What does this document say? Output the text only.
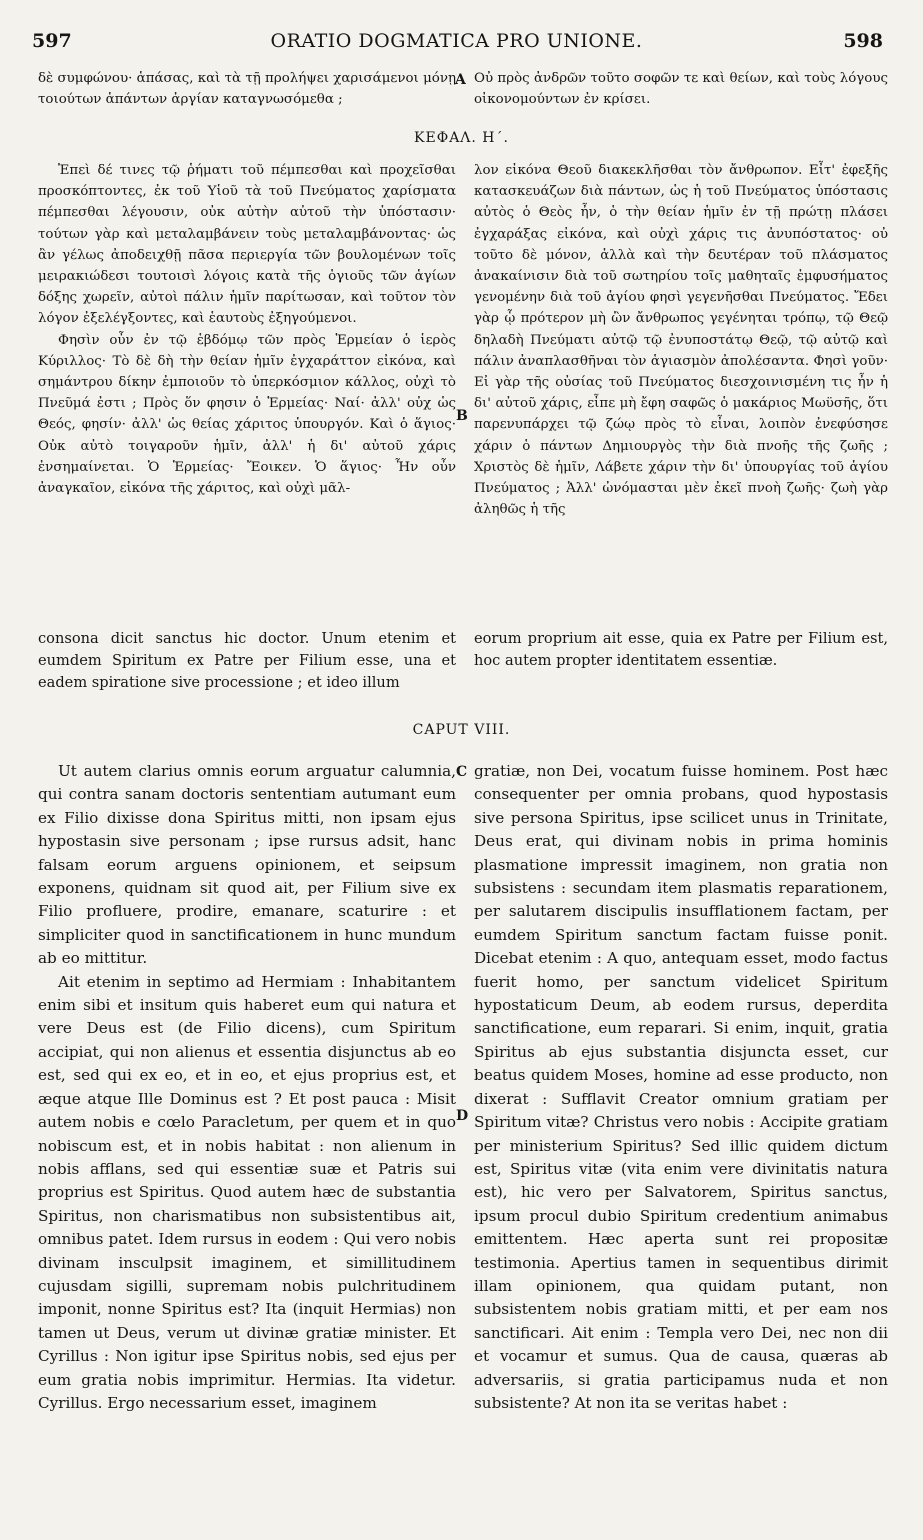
597	ORATIO DOGMATICA PRO UNIONE.	598

δὲ συμφώνου· ἁπάσας, καὶ τὰ τῇ προλήψει χαρισάμενοι μόνῃ τοιούτων ἁπάντων ἀργίαν καταγνωσόμεθα ;

A Οὐ πρὸς ἀνδρῶν τοῦτο σοφῶν τε καὶ θείων, καὶ τοὺς λόγους οἰκονομούντων ἐν κρίσει.

ΚΕΦΑΛ. Η΄.

Ἐπεὶ δέ τινες τῷ ῥήματι τοῦ πέμπεσθαι καὶ προχεῖσθαι προσκόπτοντες, ἐκ τοῦ Υἱοῦ τὰ τοῦ Πνεύματος χαρίσματα πέμπεσθαι λέγουσιν, οὐκ αὐτὴν αὐτοῦ τὴν ὑπόστασιν· τούτων γὰρ καὶ μεταλαμβάνειν τοὺς μεταλαμβάνοντας· ὡς ἂν γέλως ἀποδειχθῇ πᾶσα περιεργία τῶν βουλομένων τοῖς μειρακιώδεσι τουτοισὶ λόγοις κατὰ τῆς ὁγιοῦς τῶν ἁγίων δόξης χωρεῖν, αὐτοὶ πάλιν ἡμῖν παρίτωσαν, καὶ τοῦτον τὸν λόγον ἐξελέγξοντες, καὶ ἑαυτοὺς ἐξηγούμενοι.

Φησὶν οὖν ἐν τῷ ἑβδόμῳ τῶν πρὸς Ἑρμείαν ὁ ἱερὸς Κύριλλος· Τὸ δὲ δὴ τὴν θείαν ἡμῖν ἐγχαράττον εἰκόνα, καὶ σημάντρου δίκην ἐμποιοῦν τὸ ὑπερκόσμιον κάλλος, οὐχὶ τὸ Πνεῦμά ἐστι ; Πρὸς ὅν φησιν ὁ Ἑρμείας· Ναί· ἀλλ' οὐχ ὡς Θεός, φησίν· ἀλλ' ὡς θείας χάριτος ὑπουργόν. Καὶ ὁ ἅγιος· Οὐκ αὐτὸ τοιγαροῦν ἡμῖν, ἀλλ' ἡ δι' αὐτοῦ χάρις ἐνσημαίνεται. Ὁ Ἑρμείας· Ἔοικεν. Ὁ ἅγιος· Ἦν οὖν ἀναγκαῖον, εἰκόνα τῆς χάριτος, καὶ οὐχὶ μᾶλ-

B

λον εἰκόνα Θεοῦ διακεκλῆσθαι τὸν ἄνθρωπον. Εἶτ' ἐφεξῆς κατασκευάζων διὰ πάντων, ὡς ἡ τοῦ Πνεύματος ὑπόστασις αὐτὸς ὁ Θεὸς ἦν, ὁ τὴν θείαν ἡμῖν ἐν τῇ πρώτῃ πλάσει ἐγχαράξας εἰκόνα, καὶ οὐχὶ χάρις τις ἀνυπόστατος· οὐ τοῦτο δὲ μόνον, ἀλλὰ καὶ τὴν δευτέραν τοῦ πλάσματος ἀνακαίνισιν διὰ τοῦ σωτηρίου τοῖς μαθηταῖς ἐμφυσήματος γενομένην διὰ τοῦ ἁγίου φησὶ γεγενῆσθαι Πνεύματος. Ἔδει γὰρ ᾧ πρότερον μὴ ὢν ἄνθρωπος γεγένηται τρόπῳ, τῷ Θεῷ δηλαδὴ Πνεύματι αὐτῷ τῷ ἐνυποστάτῳ Θεῷ, τῷ αὐτῷ καὶ πάλιν ἀναπλασθῆναι τὸν ἁγιασμὸν ἀπολέσαντα. Φησὶ γοῦν· Εἰ γὰρ τῆς οὐσίας τοῦ Πνεύματος διεσχοινισμένη τις ἦν ἡ δι' αὐτοῦ χάρις, εἶπε μὴ ἔφη σαφῶς ὁ μακάριος Μωϋσῆς, ὅτι παρενυπάρχει τῷ ζώῳ πρὸς τὸ εἶναι, λοιπὸν ἐνεφύσησε χάριν ὁ πάντων Δημιουργὸς τὴν διὰ πνοῆς τῆς ζωῆς ; Χριστὸς δὲ ἡμῖν, Λάβετε χάριν τὴν δι' ὑπουργίας τοῦ ἁγίου Πνεύματος ; Ἀλλ' ὠνόμασται μὲν ἐκεῖ πνοὴ ζωῆς· ζωὴ γὰρ ἀληθῶς ἡ τῆς

consona dicit sanctus hic doctor. Unum etenim et eumdem Spiritum ex Patre per Filium esse, una et eadem spiratione sive processione ; et ideo illum

eorum proprium ait esse, quia ex Patre per Filium est, hoc autem propter identitatem essentiæ.

CAPUT VIII.

Ut autem clarius omnis eorum arguatur calumnia, qui contra sanam doctoris sententiam autumant eum ex Filio dixisse dona Spiritus mitti, non ipsam ejus hypostasin sive personam ; ipse rursus adsit, hanc falsam eorum arguens opinionem, et seipsum exponens, quidnam sit quod ait, per Filium sive ex Filio profluere, prodire, emanare, scaturire : et simpliciter quod in sanctificationem in hunc mundum ab eo mittitur.

Ait etenim in septimo ad Hermiam : Inhabitantem enim sibi et insitum quis haberet eum qui natura et vere Deus est (de Filio dicens), cum Spiritum accipiat, qui non alienus et essentia disjunctus ab eo est, sed qui ex eo, et in eo, et ejus proprius est, et æque atque Ille Dominus est ? Et post pauca : Misit autem nobis e cœlo Paracletum, per quem et in quo nobiscum est, et in nobis habitat : non alienum in nobis afflans, sed qui essentiæ suæ et Patris sui proprius est Spiritus. Quod autem hæc de substantia Spiritus, non charismatibus non subsistentibus ait, omnibus patet. Idem rursus in eodem : Qui vero nobis divinam insculpsit imaginem, et simillitudinem cujusdam sigilli, supremam nobis pulchritudinem imponit, nonne Spiritus est? Ita (inquit Hermias) non tamen ut Deus, verum ut divinæ gratiæ minister. Et Cyrillus : Non igitur ipse Spiritus nobis, sed ejus per eum gratia nobis imprimitur. Hermias. Ita videtur. Cyrillus. Ergo necessarium esset, imaginem

C
D

gratiæ, non Dei, vocatum fuisse hominem. Post hæc consequenter per omnia probans, quod hypostasis sive persona Spiritus, ipse scilicet unus in Trinitate, Deus erat, qui divinam nobis in prima hominis plasmatione impressit imaginem, non gratia non subsistens : secundam item plasmatis reparationem, per salutarem discipulis insufflationem factam, per eumdem Spiritum sanctum factam fuisse ponit. Dicebat etenim : A quo, antequam esset, modo factus fuerit homo, per sanctum videlicet Spiritum hypostaticum Deum, ab eodem rursus, deperdita sanctificatione, eum reparari. Si enim, inquit, gratia Spiritus ab ejus substantia disjuncta esset, cur beatus quidem Moses, homine ad esse producto, non dixerat : Sufflavit Creator omnium gratiam per Spiritum vitæ? Christus vero nobis : Accipite gratiam per ministerium Spiritus? Sed illic quidem dictum est, Spiritus vitæ (vita enim vere divinitatis natura est), hic vero per Salvatorem, Spiritus sanctus, ipsum procul dubio Spiritum credentium animabus emittentem. Hæc aperta sunt rei propositæ testimonia. Apertius tamen in sequentibus dirimit illam opinionem, qua quidam putant, non subsistentem nobis gratiam mitti, et per eam nos sanctificari. Ait enim : Templa vero Dei, nec non dii et vocamur et sumus. Qua de causa, quæras ab adversariis, si gratia participamus nuda et non subsistente? At non ita se veritas habet :
